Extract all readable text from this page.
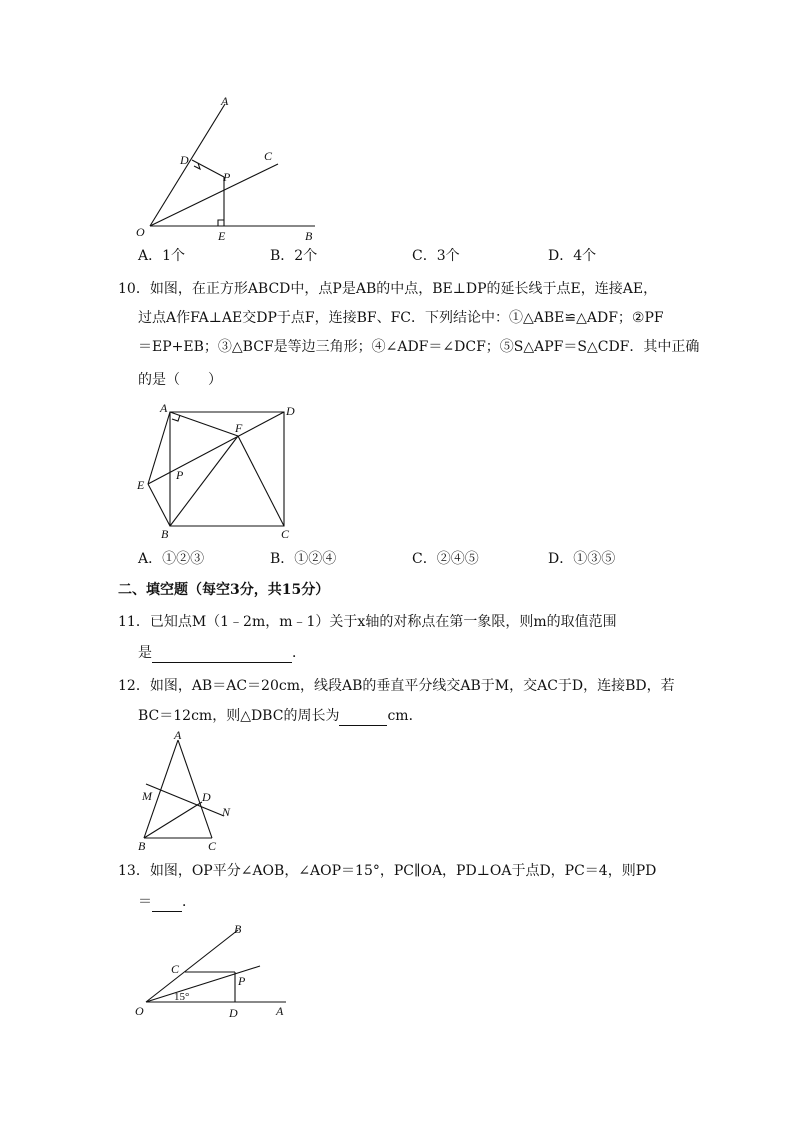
A
C
D
P
O	E	B
A．1个	B．2个	C．3个	D．4个
10．如图，在正方形ABCD中，点P是AB的中点，BE⊥DP的延长线于点E，连接AE，
过点A作FA⊥AE交DP于点F，连接BF、FC．下列结论中：①△ABE≌△ADF；②PF
＝EP+EB；③△BCF是等边三角形；④∠ADF＝∠DCF；⑤S△APF＝S△CDF．其中正确
的是（　　）
A	D
F
E
P
B	C
A．①②③	B．①②④	C．②④⑤	D．①③⑤
二、填空题（每空3分，共15分）
11．已知点M（1﹣2m，m﹣1）关于x轴的对称点在第一象限，则m的取值范围
是	．
12．如图，AB＝AC＝20cm，线段AB的垂直平分线交AB于M，交AC于D，连接BD，若
BC＝12cm，则△DBC的周长为	cm．
A
M	D
N
B	C
13．如图，OP平分∠AOB，∠AOP＝15°，PC∥OA，PD⊥OA于点D，PC＝4，则PD
＝ ．
B
C
P
15°
O	D	A
